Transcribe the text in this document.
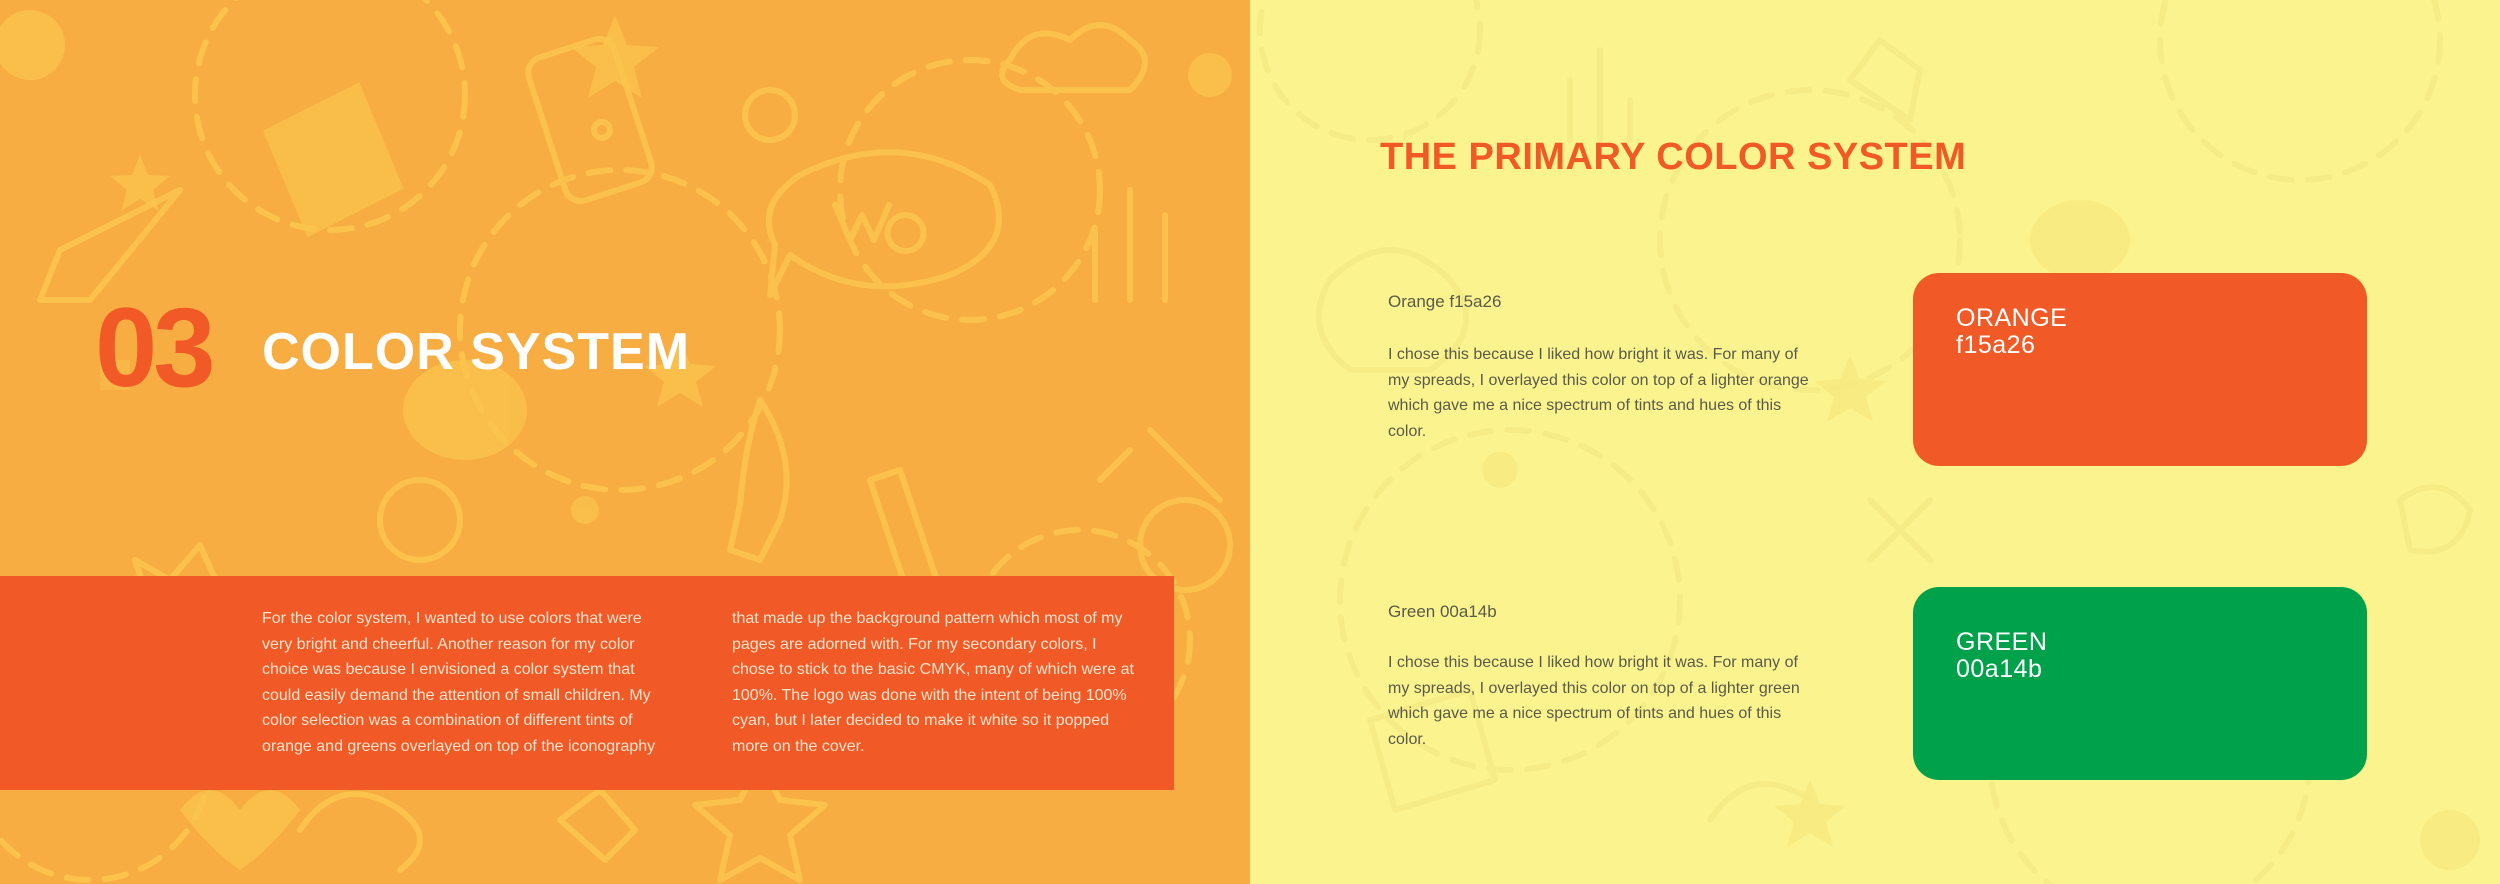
03 COLOR SYSTEM
For the color system, I wanted to use colors that were very bright and cheerful. Another reason for my color choice was because I envisioned a color system that could easily demand the attention of small children. My color selection was a combination of different tints of orange and greens overlayed on top of the iconography
that made up the background pattern which most of my pages are adorned with. For my secondary colors, I chose to stick to the basic CMYK, many of which were at 100%. The logo was done with the intent of being 100% cyan, but I later decided to make it white so it popped more on the cover.
THE PRIMARY COLOR SYSTEM
Orange f15a26
I chose this because I liked how bright it was. For many of my spreads, I overlayed this color on top of a lighter orange which gave me a nice spectrum of tints and hues of this color.
ORANGE
f15a26
Green 00a14b
I chose this because I liked how bright it was. For many of my spreads, I overlayed this color on top of a lighter green which gave me a nice spectrum of tints and hues of this color.
GREEN
00a14b
